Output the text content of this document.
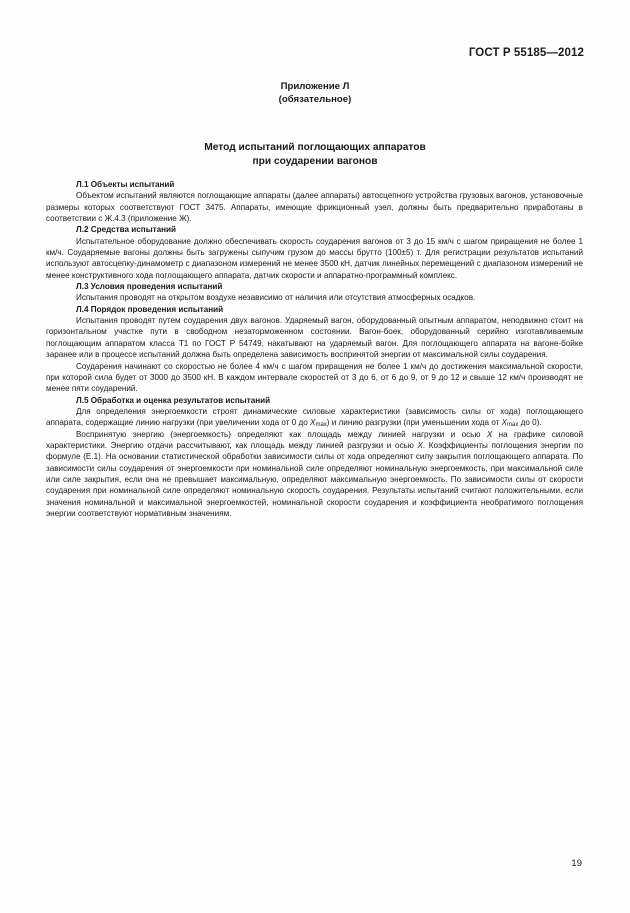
ГОСТ Р 55185—2012
Приложение Л
(обязательное)
Метод испытаний поглощающих аппаратов
при соударении вагонов

Л.1 Объекты испытаний

Объектом испытаний являются поглощающие аппараты (далее аппараты) автосцепного устройства грузовых вагонов, установочные размеры которых соответствуют ГОСТ 3475. Аппараты, имеющие фрикционный узел, должны быть предварительно приработаны в соответствии с Ж.4.3 (приложение Ж).

Л.2 Средства испытаний

Испытательное оборудование должно обеспечивать скорость соударения вагонов от 3 до 15 км/ч с шагом приращения не более 1 км/ч. Соударяемые вагоны должны быть загружены сыпучим грузом до массы брутто (100±5) т. Для регистрации результатов испытаний используют автосцепку-динамометр с диапазоном измерений не менее 3500 кН, датчик линейных перемещений с диапазоном измерений не менее конструктивного хода поглощающего аппарата, датчик скорости и аппаратно-программный комплекс.

Л.3 Условия проведения испытаний

Испытания проводят на открытом воздухе независимо от наличия или отсутствия атмосферных осадков.

Л.4 Порядок проведения испытаний

Испытания проводят путем соударения двух вагонов. Ударяемый вагон, оборудованный опытным аппаратом, неподвижно стоит на горизонтальном участке пути в свободном незаторможенном состоянии. Вагон-боек, оборудованный серийно изготавливаемым поглощающим аппаратом класса Т1 по ГОСТ Р 54749, накатывают на ударяемый вагон. Для поглощающего аппарата на вагоне-бойке заранее или в процессе испытаний должна быть определена зависимость воспринятой энергии от максимальной силы соударения.

Соударения начинают со скоростью не более 4 км/ч с шагом приращения не более 1 км/ч до достижения максимальной скорости, при которой сила будет от 3000 до 3500 кН. В каждом интервале скоростей от 3 до 6, от 6 до 9, от 9 до 12 и свыше 12 км/ч производят не менее пяти соударений.

Л.5 Обработка и оценка результатов испытаний

Для определения энергоемкости строят динамические силовые характеристики (зависимость силы от хода) поглощающего аппарата, содержащие линию нагрузки (при увеличении хода от 0 до $X_{max}$) и линию разгрузки (при уменьшении хода от $X_{max}$ до 0).

Воспринятую энергию (энергоемкость) определяют как площадь между линией нагрузки и осью X на графике силовой характеристики. Энергию отдачи рассчитывают, как площадь между линией разгрузки и осью X. Коэффициенты поглощения энергии по формуле (Е.1). На основании статистической обработки зависимости силы от хода определяют силу закрытия поглощающего аппарата. По зависимости силы соударения от энергоемкости при номинальной силе определяют номинальную энергоемкость, при максимальной силе или силе закрытия, если она не превышает максимальную, определяют максимальную энергоемкость. По зависимости силы от скорости соударения при номинальной силе определяют номинальную скорость соударения. Результаты испытаний считают положительными, если значения номинальной и максимальной энергоемкостей, номинальной скорости соударения и коэффициента необратимого поглощения энергии соответствуют нормативным значениям.

19
